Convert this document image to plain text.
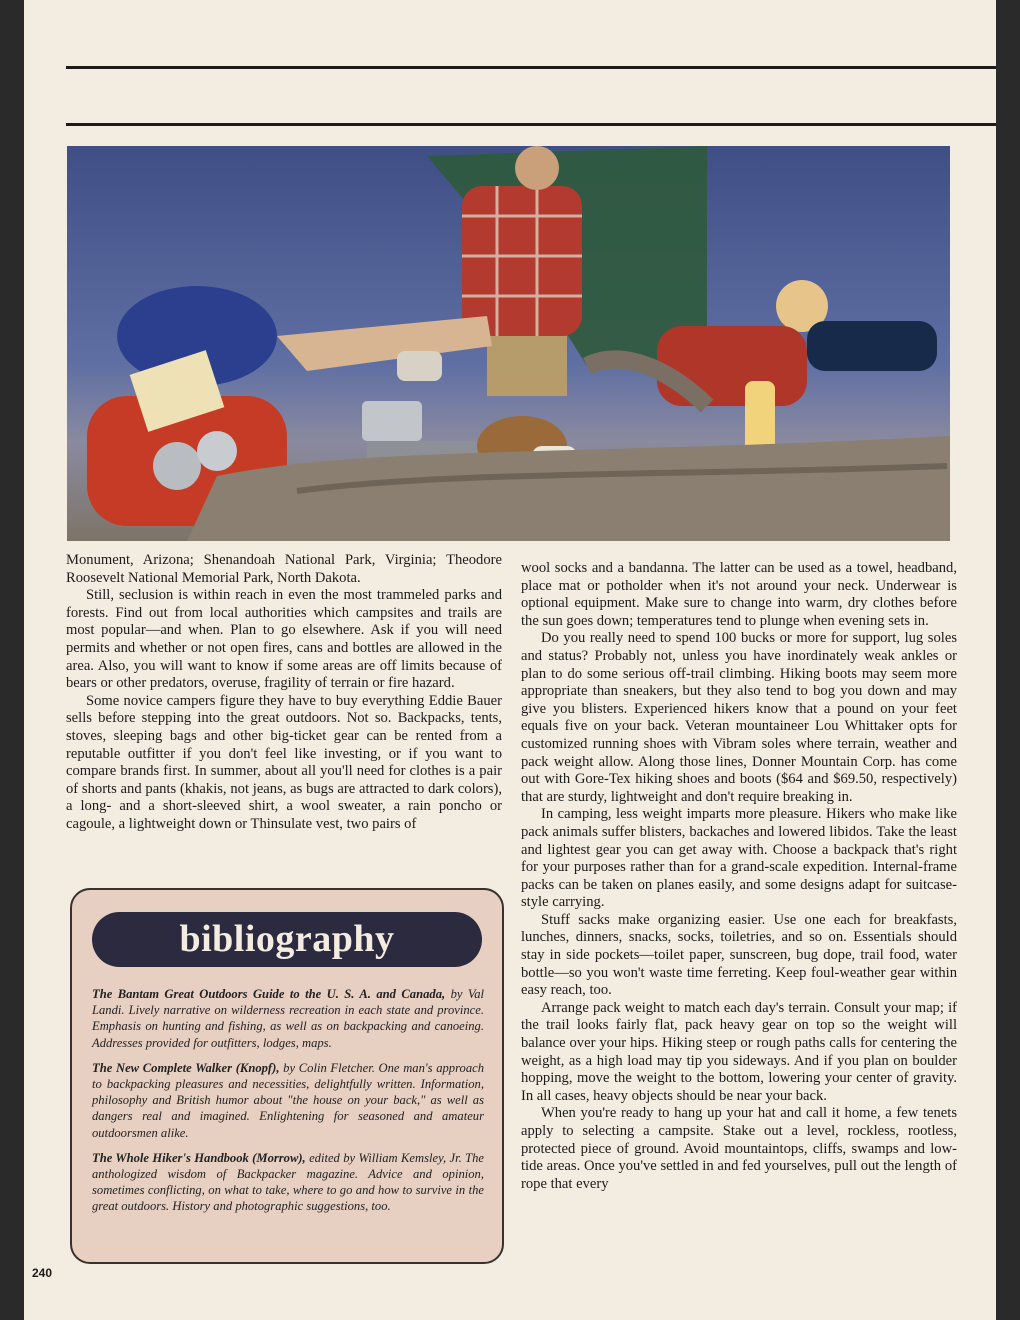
Monument, Arizona; Shenandoah National Park, Virginia; Theodore Roosevelt National Memorial Park, North Dakota.

Still, seclusion is within reach in even the most trammeled parks and forests. Find out from local authorities which campsites and trails are most popular—and when. Plan to go elsewhere. Ask if you will need permits and whether or not open fires, cans and bottles are allowed in the area. Also, you will want to know if some areas are off limits because of bears or other predators, overuse, fragility of terrain or fire hazard.

Some novice campers figure they have to buy everything Eddie Bauer sells before stepping into the great outdoors. Not so. Backpacks, tents, stoves, sleeping bags and other big-ticket gear can be rented from a reputable outfitter if you don't feel like investing, or if you want to compare brands first. In summer, about all you'll need for clothes is a pair of shorts and pants (khakis, not jeans, as bugs are attracted to dark colors), a long- and a short-sleeved shirt, a wool sweater, a rain poncho or cagoule, a lightweight down or Thinsulate vest, two pairs of

wool socks and a bandanna. The latter can be used as a towel, headband, place mat or potholder when it's not around your neck. Underwear is optional equipment. Make sure to change into warm, dry clothes before the sun goes down; temperatures tend to plunge when evening sets in.

Do you really need to spend 100 bucks or more for support, lug soles and status? Probably not, unless you have inordinately weak ankles or plan to do some serious off-trail climbing. Hiking boots may seem more appropriate than sneakers, but they also tend to bog you down and may give you blisters. Experienced hikers know that a pound on your feet equals five on your back. Veteran mountaineer Lou Whittaker opts for customized running shoes with Vibram soles where terrain, weather and pack weight allow. Along those lines, Donner Mountain Corp. has come out with Gore-Tex hiking shoes and boots ($64 and $69.50, respectively) that are sturdy, lightweight and don't require breaking in.

In camping, less weight imparts more pleasure. Hikers who make like pack animals suffer blisters, backaches and lowered libidos. Take the least and lightest gear you can get away with. Choose a backpack that's right for your purposes rather than for a grand-scale expedition. Internal-frame packs can be taken on planes easily, and some designs adapt for suitcase-style carrying.

Stuff sacks make organizing easier. Use one each for breakfasts, lunches, dinners, snacks, socks, toiletries, and so on. Essentials should stay in side pockets—toilet paper, sunscreen, bug dope, trail food, water bottle—so you won't waste time ferreting. Keep foul-weather gear within easy reach, too.

Arrange pack weight to match each day's terrain. Consult your map; if the trail looks fairly flat, pack heavy gear on top so the weight will balance over your hips. Hiking steep or rough paths calls for centering the weight, as a high load may tip you sideways. And if you plan on boulder hopping, move the weight to the bottom, lowering your center of gravity. In all cases, heavy objects should be near your back.

When you're ready to hang up your hat and call it home, a few tenets apply to selecting a campsite. Stake out a level, rockless, rootless, protected piece of ground. Avoid mountaintops, cliffs, swamps and low-tide areas. Once you've settled in and fed yourselves, pull out the length of rope that every

bibliography

The Bantam Great Outdoors Guide to the U. S. A. and Canada, by Val Landi. Lively narrative on wilderness recreation in each state and province. Emphasis on hunting and fishing, as well as on backpacking and canoeing. Addresses provided for outfitters, lodges, maps.

The New Complete Walker (Knopf), by Colin Fletcher. One man's approach to backpacking pleasures and necessities, delightfully written. Information, philosophy and British humor about "the house on your back," as well as dangers real and imagined. Enlightening for seasoned and amateur outdoorsmen alike.

The Whole Hiker's Handbook (Morrow), edited by William Kemsley, Jr. The anthologized wisdom of Backpacker magazine. Advice and opinion, sometimes conflicting, on what to take, where to go and how to survive in the great outdoors. History and photographic suggestions, too.

240
